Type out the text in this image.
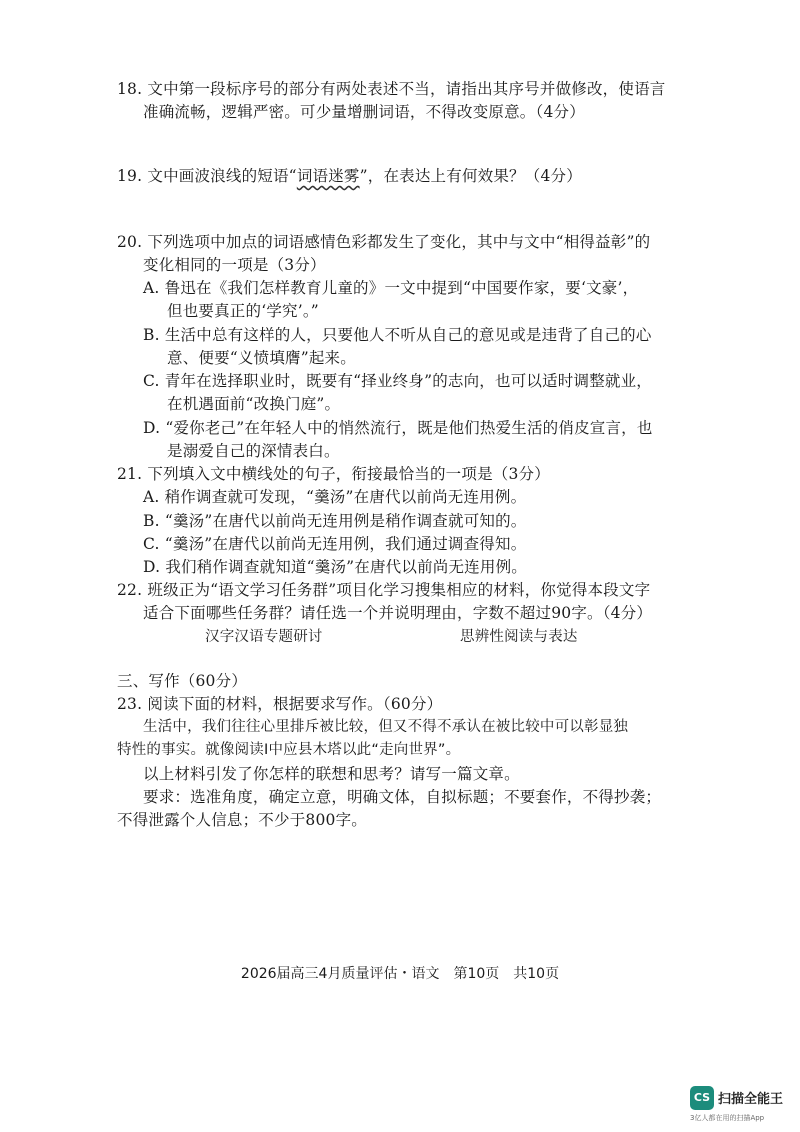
18. 文中第一段标序号的部分有两处表述不当，请指出其序号并做修改，使语言
准确流畅，逻辑严密。可少量增删词语，不得改变原意。（4分）
19. 文中画波浪线的短语“词语迷雾”，在表达上有何效果？（4分）
20. 下列选项中加点的词语感情色彩都发生了变化，其中与文中“相得益彰”的
变化相同的一项是（3分）
A. 鲁迅在《我们怎样教育儿童的》一文中提到“中国要作家，要‘文豪’，
但也要真正的‘学究’。”
B. 生活中总有这样的人，只要他人不听从自己的意见或是违背了自己的心
意、便要“义愤填膺”起来。
C. 青年在选择职业时，既要有“择业终身”的志向，也可以适时调整就业，
在机遇面前“改换门庭”。
D. “爱你老己”在年轻人中的悄然流行，既是他们热爱生活的俏皮宣言，也
是溺爱自己的深情表白。
21. 下列填入文中横线处的句子，衔接最恰当的一项是（3分）
A. 稍作调查就可发现，“羹汤”在唐代以前尚无连用例。
B. “羹汤”在唐代以前尚无连用例是稍作调查就可知的。
C. “羹汤”在唐代以前尚无连用例，我们通过调查得知。
D. 我们稍作调查就知道“羹汤”在唐代以前尚无连用例。
22. 班级正为“语文学习任务群”项目化学习搜集相应的材料，你觉得本段文字
适合下面哪些任务群？请任选一个并说明理由，字数不超过90字。（4分）
汉字汉语专题研讨	思辨性阅读与表达
三、写作（60分）
23. 阅读下面的材料，根据要求写作。（60分）
生活中，我们往往心里排斥被比较，但又不得不承认在被比较中可以彰显独
特性的事实。就像阅读Ⅰ中应县木塔以此“走向世界”。
以上材料引发了你怎样的联想和思考？请写一篇文章。
要求：选准角度，确定立意，明确文体，自拟标题；不要套作，不得抄袭；
不得泄露个人信息；不少于800字。
2026届高三4月质量评估・语文　第10页　共10页
CS 扫描全能王
3亿人都在用的扫描App
